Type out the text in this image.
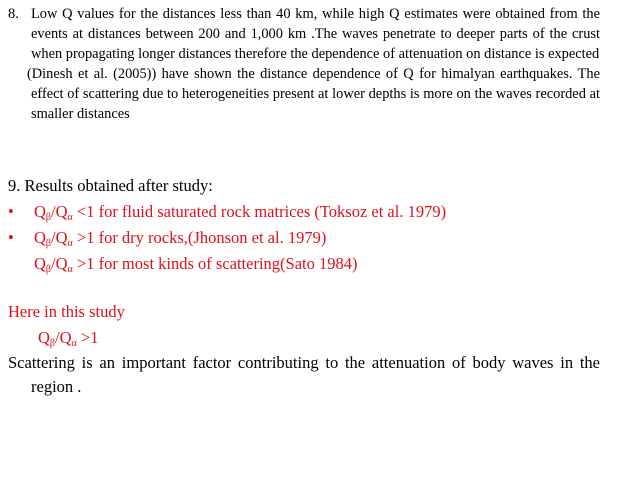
8. Low Q values for the distances less than 40 km, while high Q estimates were obtained from the events at distances between 200 and 1,000 km .The waves penetrate to deeper parts of the crust when propagating longer distances therefore the dependence of attenuation on distance is expected

(Dinesh et al. (2005)) have shown the distance dependence of Q for himalyan earthquakes. The effect of scattering due to heterogeneities present at lower depths is more on the waves recorded at smaller distances

9. Results obtained after study:

•	$Q_\beta/Q_\alpha <1$ for fluid saturated rock matrices (Toksoz et al. 1979)
•	$Q_\beta/Q_\alpha >1$ for dry rocks,(Jhonson et al. 1979)
$Q_\beta/Q_\alpha >1$ for most kinds of scattering(Sato 1984)
Here in this study
$Q_\beta/Q_\alpha >1$
Scattering is an important factor contributing to the attenuation of body waves in the region .
